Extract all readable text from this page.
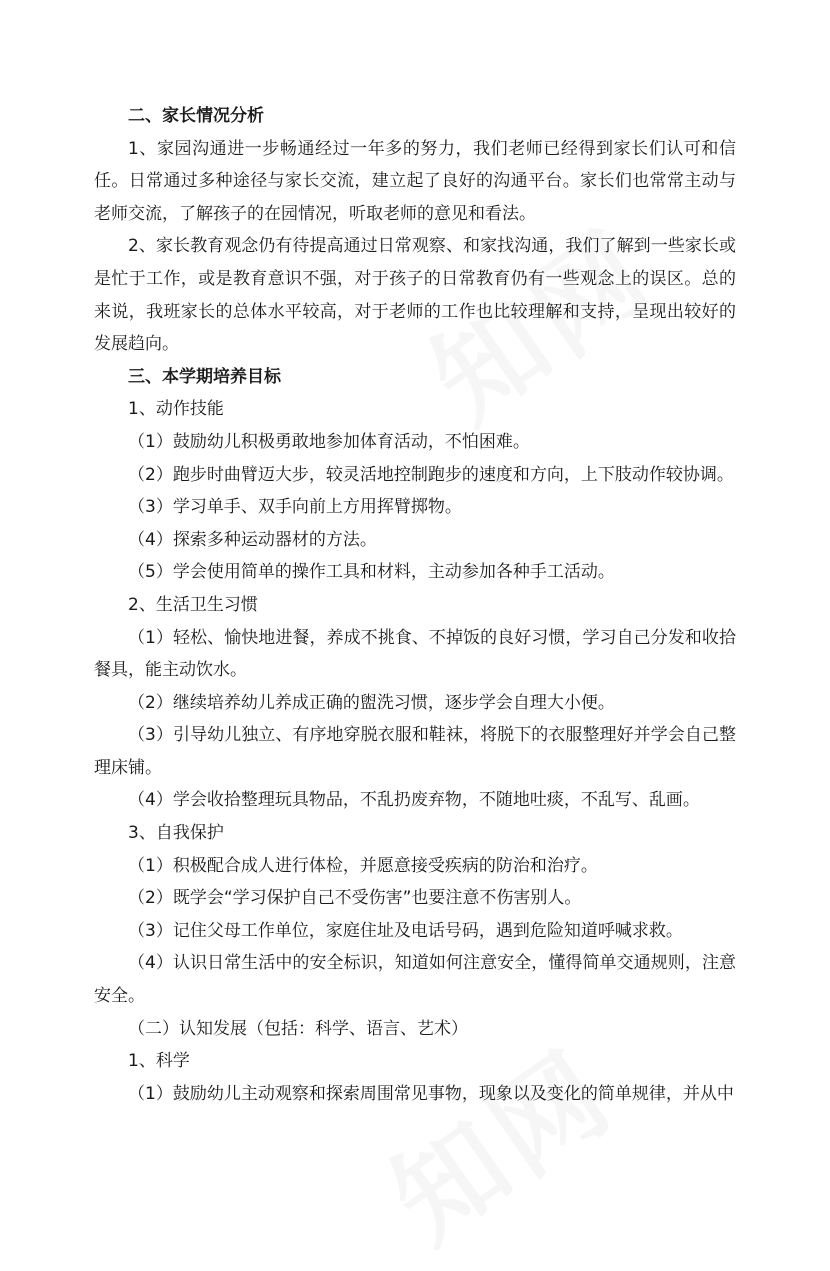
二、家长情况分析

1、家园沟通进一步畅通经过一年多的努力，我们老师已经得到家长们认可和信任。日常通过多种途径与家长交流，建立起了良好的沟通平台。家长们也常常主动与老师交流，了解孩子的在园情况，听取老师的意见和看法。

2、家长教育观念仍有待提高通过日常观察、和家找沟通，我们了解到一些家长或是忙于工作，或是教育意识不强，对于孩子的日常教育仍有一些观念上的误区。总的来说，我班家长的总体水平较高，对于老师的工作也比较理解和支持，呈现出较好的发展趋向。

三、本学期培养目标

1、动作技能

（1）鼓励幼儿积极勇敢地参加体育活动，不怕困难。

（2）跑步时曲臂迈大步，较灵活地控制跑步的速度和方向，上下肢动作较协调。

（3）学习单手、双手向前上方用挥臂掷物。

（4）探索多种运动器材的方法。

（5）学会使用简单的操作工具和材料，主动参加各种手工活动。

2、生活卫生习惯

（1）轻松、愉快地进餐，养成不挑食、不掉饭的良好习惯，学习自己分发和收拾餐具，能主动饮水。

（2）继续培养幼儿养成正确的盥洗习惯，逐步学会自理大小便。

（3）引导幼儿独立、有序地穿脱衣服和鞋袜，将脱下的衣服整理好并学会自己整理床铺。

（4）学会收拾整理玩具物品，不乱扔废弃物，不随地吐痰，不乱写、乱画。

3、自我保护

（1）积极配合成人进行体检，并愿意接受疾病的防治和治疗。

（2）既学会“学习保护自己不受伤害”也要注意不伤害别人。

（3）记住父母工作单位，家庭住址及电话号码，遇到危险知道呼喊求救。

（4）认识日常生活中的安全标识，知道如何注意安全，懂得简单交通规则，注意安全。

（二）认知发展（包括：科学、语言、艺术）

1、科学

（1）鼓励幼儿主动观察和探索周围常见事物，现象以及变化的简单规律，并从中
